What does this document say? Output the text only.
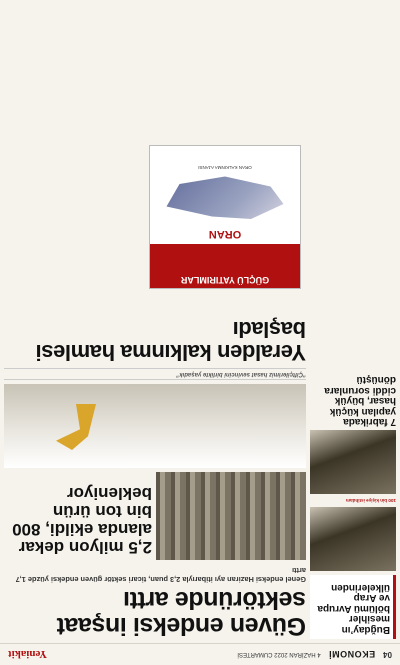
04
EKONOMİ
4 HAZİRAN 2022 CUMARTESİ
Yeniakit
Buğday’ın mesihler bölümü Avrupa ve Arap ülkelerinden
100 bin kişiye istihdam
7 fabrikada yapılan küçük hasar, büyük ciddi sorunlara dönüştü
Güven endeksi inşaat sektöründe arttı
Genel endeksi Haziran ayı itibarıyla 2,3 puan, ticari sektör güven endeksi yüzde 1,7 arttı
2,5 milyon dekar alanda ekildi, 800 bin ton ürün bekleniyor
“Çiftçilerimiz hasat sevincini birlikte yaşadık”
Yeralden kalkınma hamlesi başladı
GÜÇLÜ YATIRIMLAR
ORAN
ORAN KALKINMA AJANSI
